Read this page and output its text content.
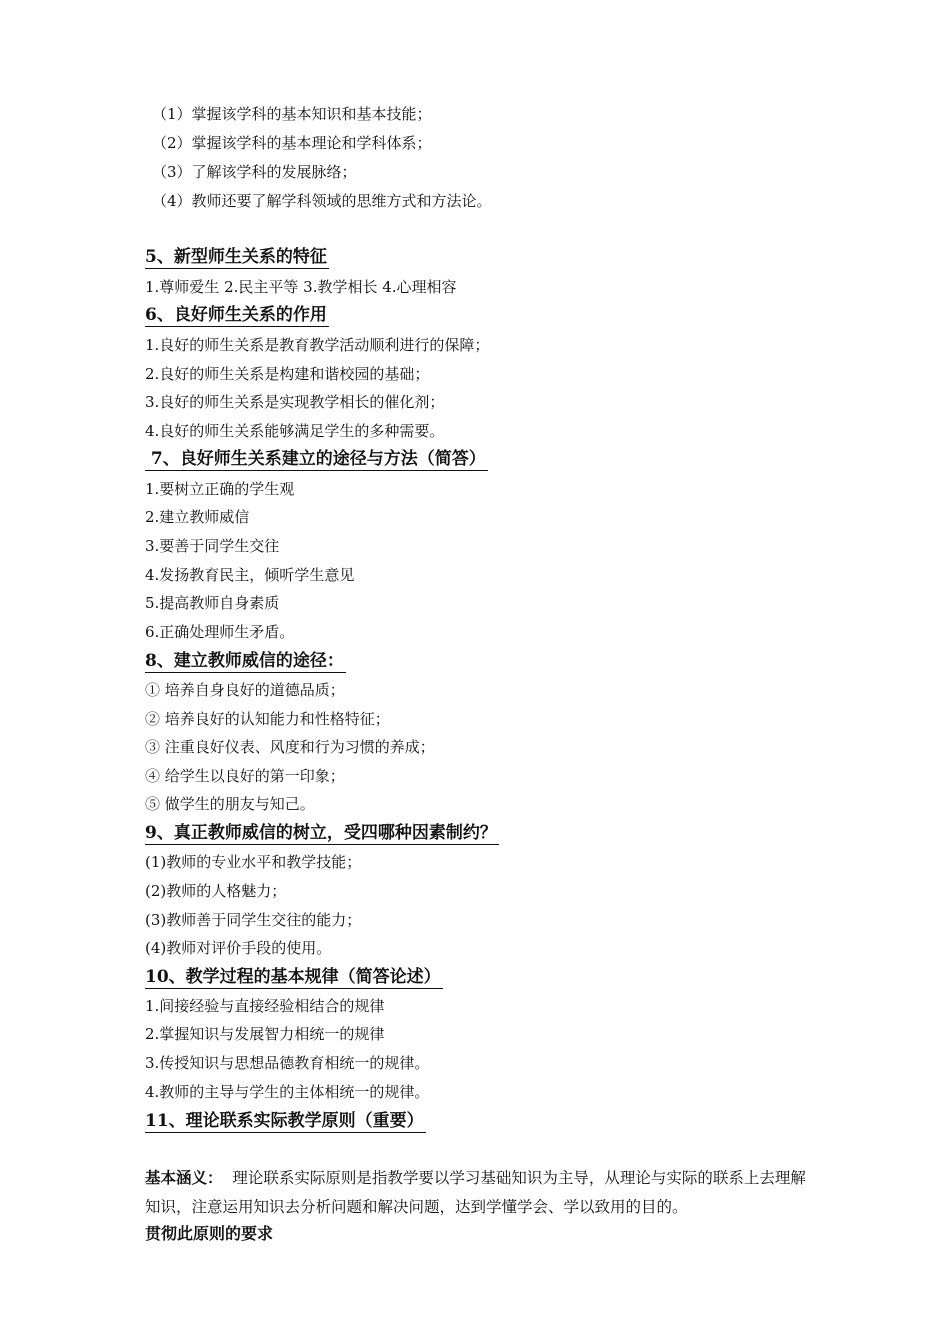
（1）掌握该学科的基本知识和基本技能；
（2）掌握该学科的基本理论和学科体系；
（3）了解该学科的发展脉络；
（4）教师还要了解学科领域的思维方式和方法论。
5、新型师生关系的特征
1.尊师爱生 2.民主平等 3.教学相长 4.心理相容
6、良好师生关系的作用
1.良好的师生关系是教育教学活动顺利进行的保障；
2.良好的师生关系是构建和谐校园的基础；
3.良好的师生关系是实现教学相长的催化剂；
4.良好的师生关系能够满足学生的多种需要。
7、良好师生关系建立的途径与方法（简答）
1.要树立正确的学生观
2.建立教师威信
3.要善于同学生交往
4.发扬教育民主，倾听学生意见
5.提高教师自身素质
6.正确处理师生矛盾。
8、建立教师威信的途径：
① 培养自身良好的道德品质；
② 培养良好的认知能力和性格特征；
③ 注重良好仪表、风度和行为习惯的养成；
④ 给学生以良好的第一印象；
⑤ 做学生的朋友与知己。
9、真正教师威信的树立，受四哪种因素制约？
(1)教师的专业水平和教学技能；
(2)教师的人格魅力；
(3)教师善于同学生交往的能力；
(4)教师对评价手段的使用。
10、教学过程的基本规律（简答论述）
1.间接经验与直接经验相结合的规律
2.掌握知识与发展智力相统一的规律
3.传授知识与思想品德教育相统一的规律。
4.教师的主导与学生的主体相统一的规律。
11、理论联系实际教学原则（重要）
基本涵义： 理论联系实际原则是指教学要以学习基础知识为主导，从理论与实际的联系上去理解知识，注意运用知识去分析问题和解决问题，达到学懂学会、学以致用的目的。
贯彻此原则的要求
